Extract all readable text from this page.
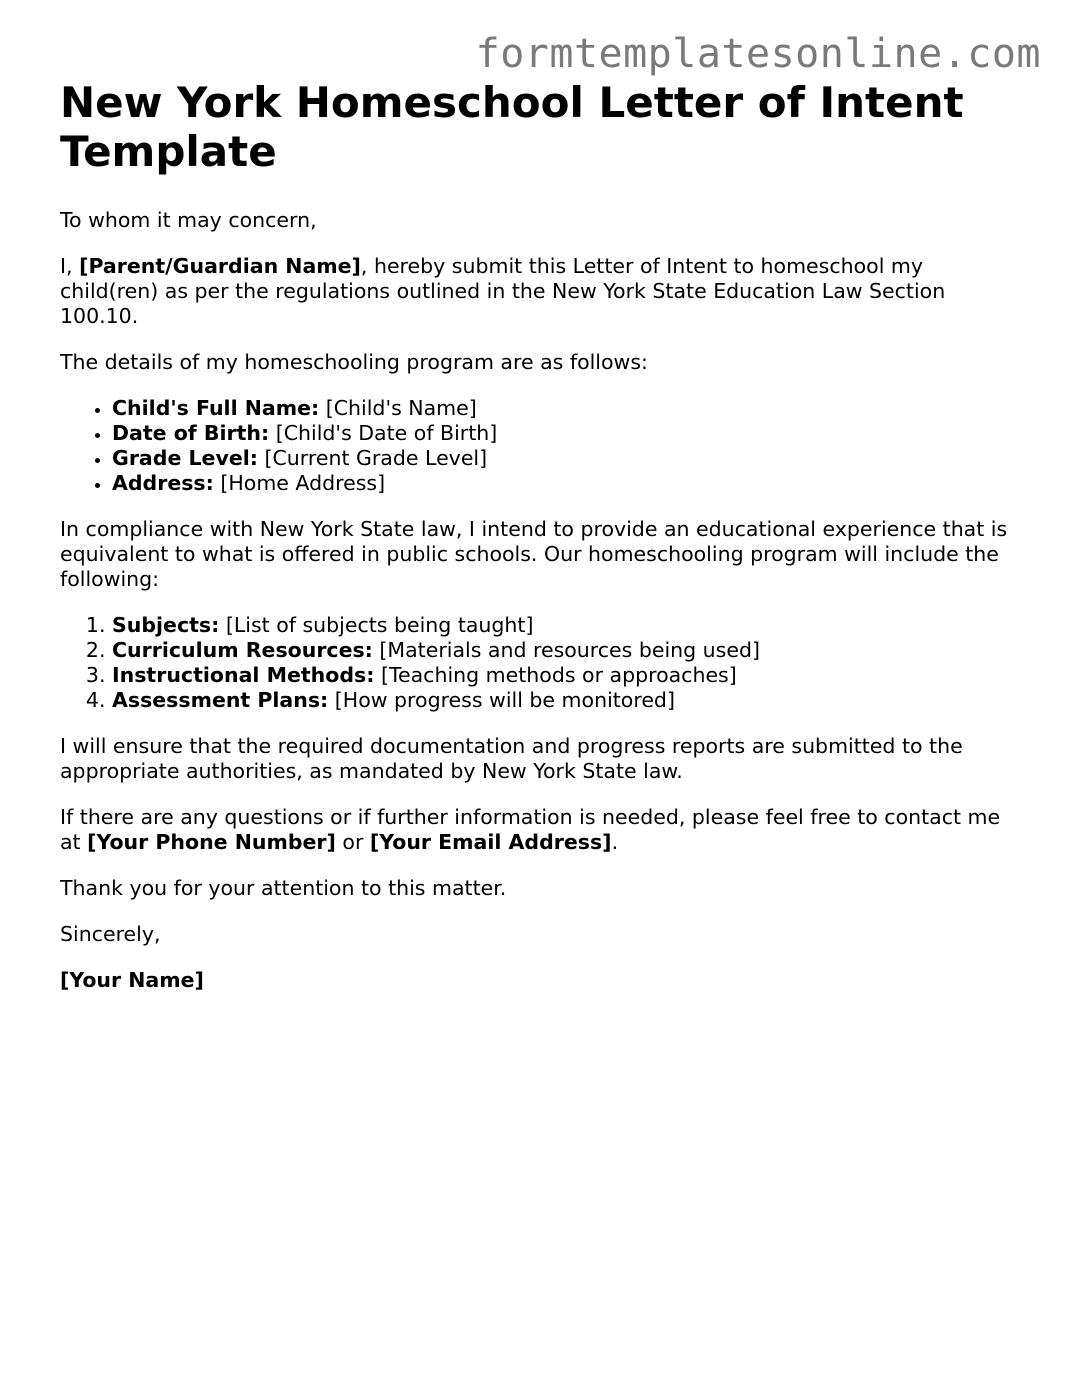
formtemplatesonline.com
New York Homeschool Letter of Intent Template

To whom it may concern,

I, [Parent/Guardian Name], hereby submit this Letter of Intent to homeschool my child(ren) as per the regulations outlined in the New York State Education Law Section 100.10.

The details of my homeschooling program are as follows:

• Child's Full Name: [Child's Name]
• Date of Birth: [Child's Date of Birth]
• Grade Level: [Current Grade Level]
• Address: [Home Address]

In compliance with New York State law, I intend to provide an educational experience that is equivalent to what is offered in public schools. Our homeschooling program will include the following:

1. Subjects: [List of subjects being taught]
2. Curriculum Resources: [Materials and resources being used]
3. Instructional Methods: [Teaching methods or approaches]
4. Assessment Plans: [How progress will be monitored]

I will ensure that the required documentation and progress reports are submitted to the appropriate authorities, as mandated by New York State law.

If there are any questions or if further information is needed, please feel free to contact me at [Your Phone Number] or [Your Email Address].

Thank you for your attention to this matter.

Sincerely,

[Your Name]
